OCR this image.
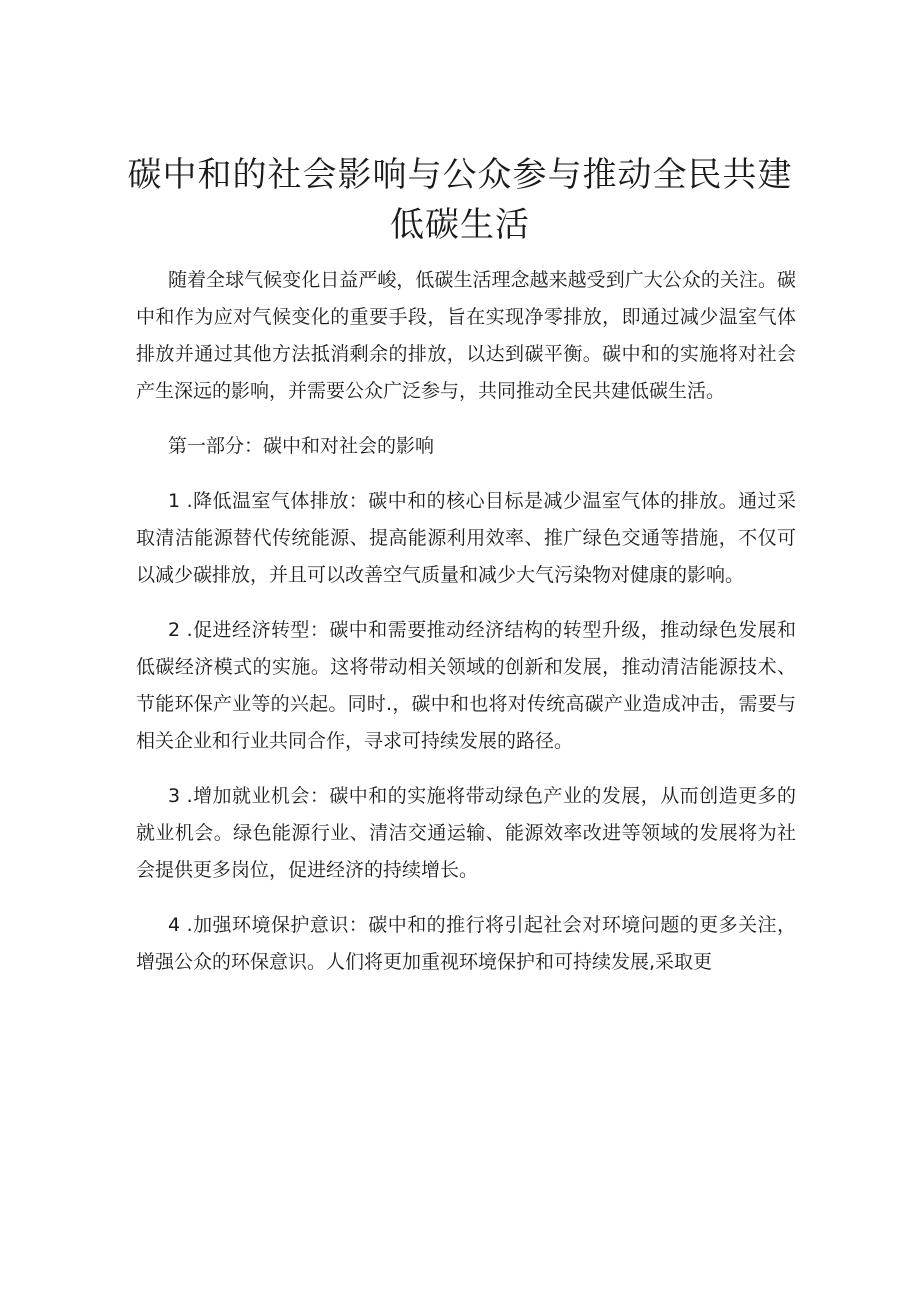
碳中和的社会影响与公众参与推动全民共建低碳生活

随着全球气候变化日益严峻，低碳生活理念越来越受到广大公众的关注。碳中和作为应对气候变化的重要手段，旨在实现净零排放，即通过减少温室气体排放并通过其他方法抵消剩余的排放，以达到碳平衡。碳中和的实施将对社会产生深远的影响，并需要公众广泛参与，共同推动全民共建低碳生活。

第一部分：碳中和对社会的影响

1 .降低温室气体排放：碳中和的核心目标是减少温室气体的排放。通过采取清洁能源替代传统能源、提高能源利用效率、推广绿色交通等措施，不仅可以减少碳排放，并且可以改善空气质量和减少大气污染物对健康的影响。

2 .促进经济转型：碳中和需要推动经济结构的转型升级，推动绿色发展和低碳经济模式的实施。这将带动相关领域的创新和发展，推动清洁能源技术、节能环保产业等的兴起。同时.，碳中和也将对传统高碳产业造成冲击，需要与相关企业和行业共同合作，寻求可持续发展的路径。

3 .增加就业机会：碳中和的实施将带动绿色产业的发展，从而创造更多的就业机会。绿色能源行业、清洁交通运输、能源效率改进等领域的发展将为社会提供更多岗位，促进经济的持续增长。

4 .加强环境保护意识：碳中和的推行将引起社会对环境问题的更多关注，增强公众的环保意识。人们将更加重视环境保护和可持续发展,采取更
